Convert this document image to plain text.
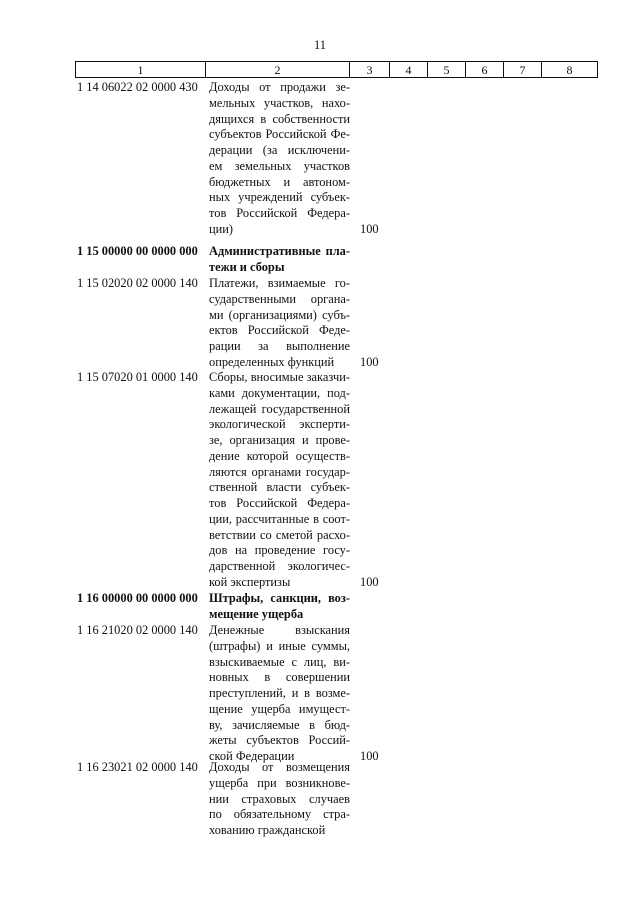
11
1	2	3	4	5	6	7	8
1 14 06022 02 0000 430 Доходы от продажи зе-
мельных участков, нахо-
дящихся в собственности
субъектов Российской Фе-
дерации (за исключени-
ем земельных участков
бюджетных и автоном-
ных учреждений субъек-
тов Российской Федера-
ции)	100
1 15 00000 00 0000 000 Административные пла-
тежи и сборы
1 15 02020 02 0000 140 Платежи, взимаемые го-
сударственными органа-
ми (организациями) субъ-
ектов Российской Феде-
рации за выполнение
определенных функций	100
1 15 07020 01 0000 140 Сборы, вносимые заказчи-
ками документации, под-
лежащей государственной
экологической эксперти-
зе, организация и прове-
дение которой осуществ-
ляются органами государ-
ственной власти субъек-
тов Российской Федера-
ции, рассчитанные в соот-
ветствии со сметой расхо-
дов на проведение госу-
дарственной экологичес-
кой экспертизы	100
1 16 00000 00 0000 000 Штрафы, санкции, воз-
мещение ущерба
1 16 21020 02 0000 140 Денежные взыскания
(штрафы) и иные суммы,
взыскиваемые с лиц, ви-
новных в совершении
преступлений, и в возме-
щение ущерба имущест-
ву, зачисляемые в бюд-
жеты субъектов Россий-
ской Федерации	100
1 16 23021 02 0000 140 Доходы от возмещения
ущерба при возникнове-
нии страховых случаев
по обязательному стра-
хованию гражданской
